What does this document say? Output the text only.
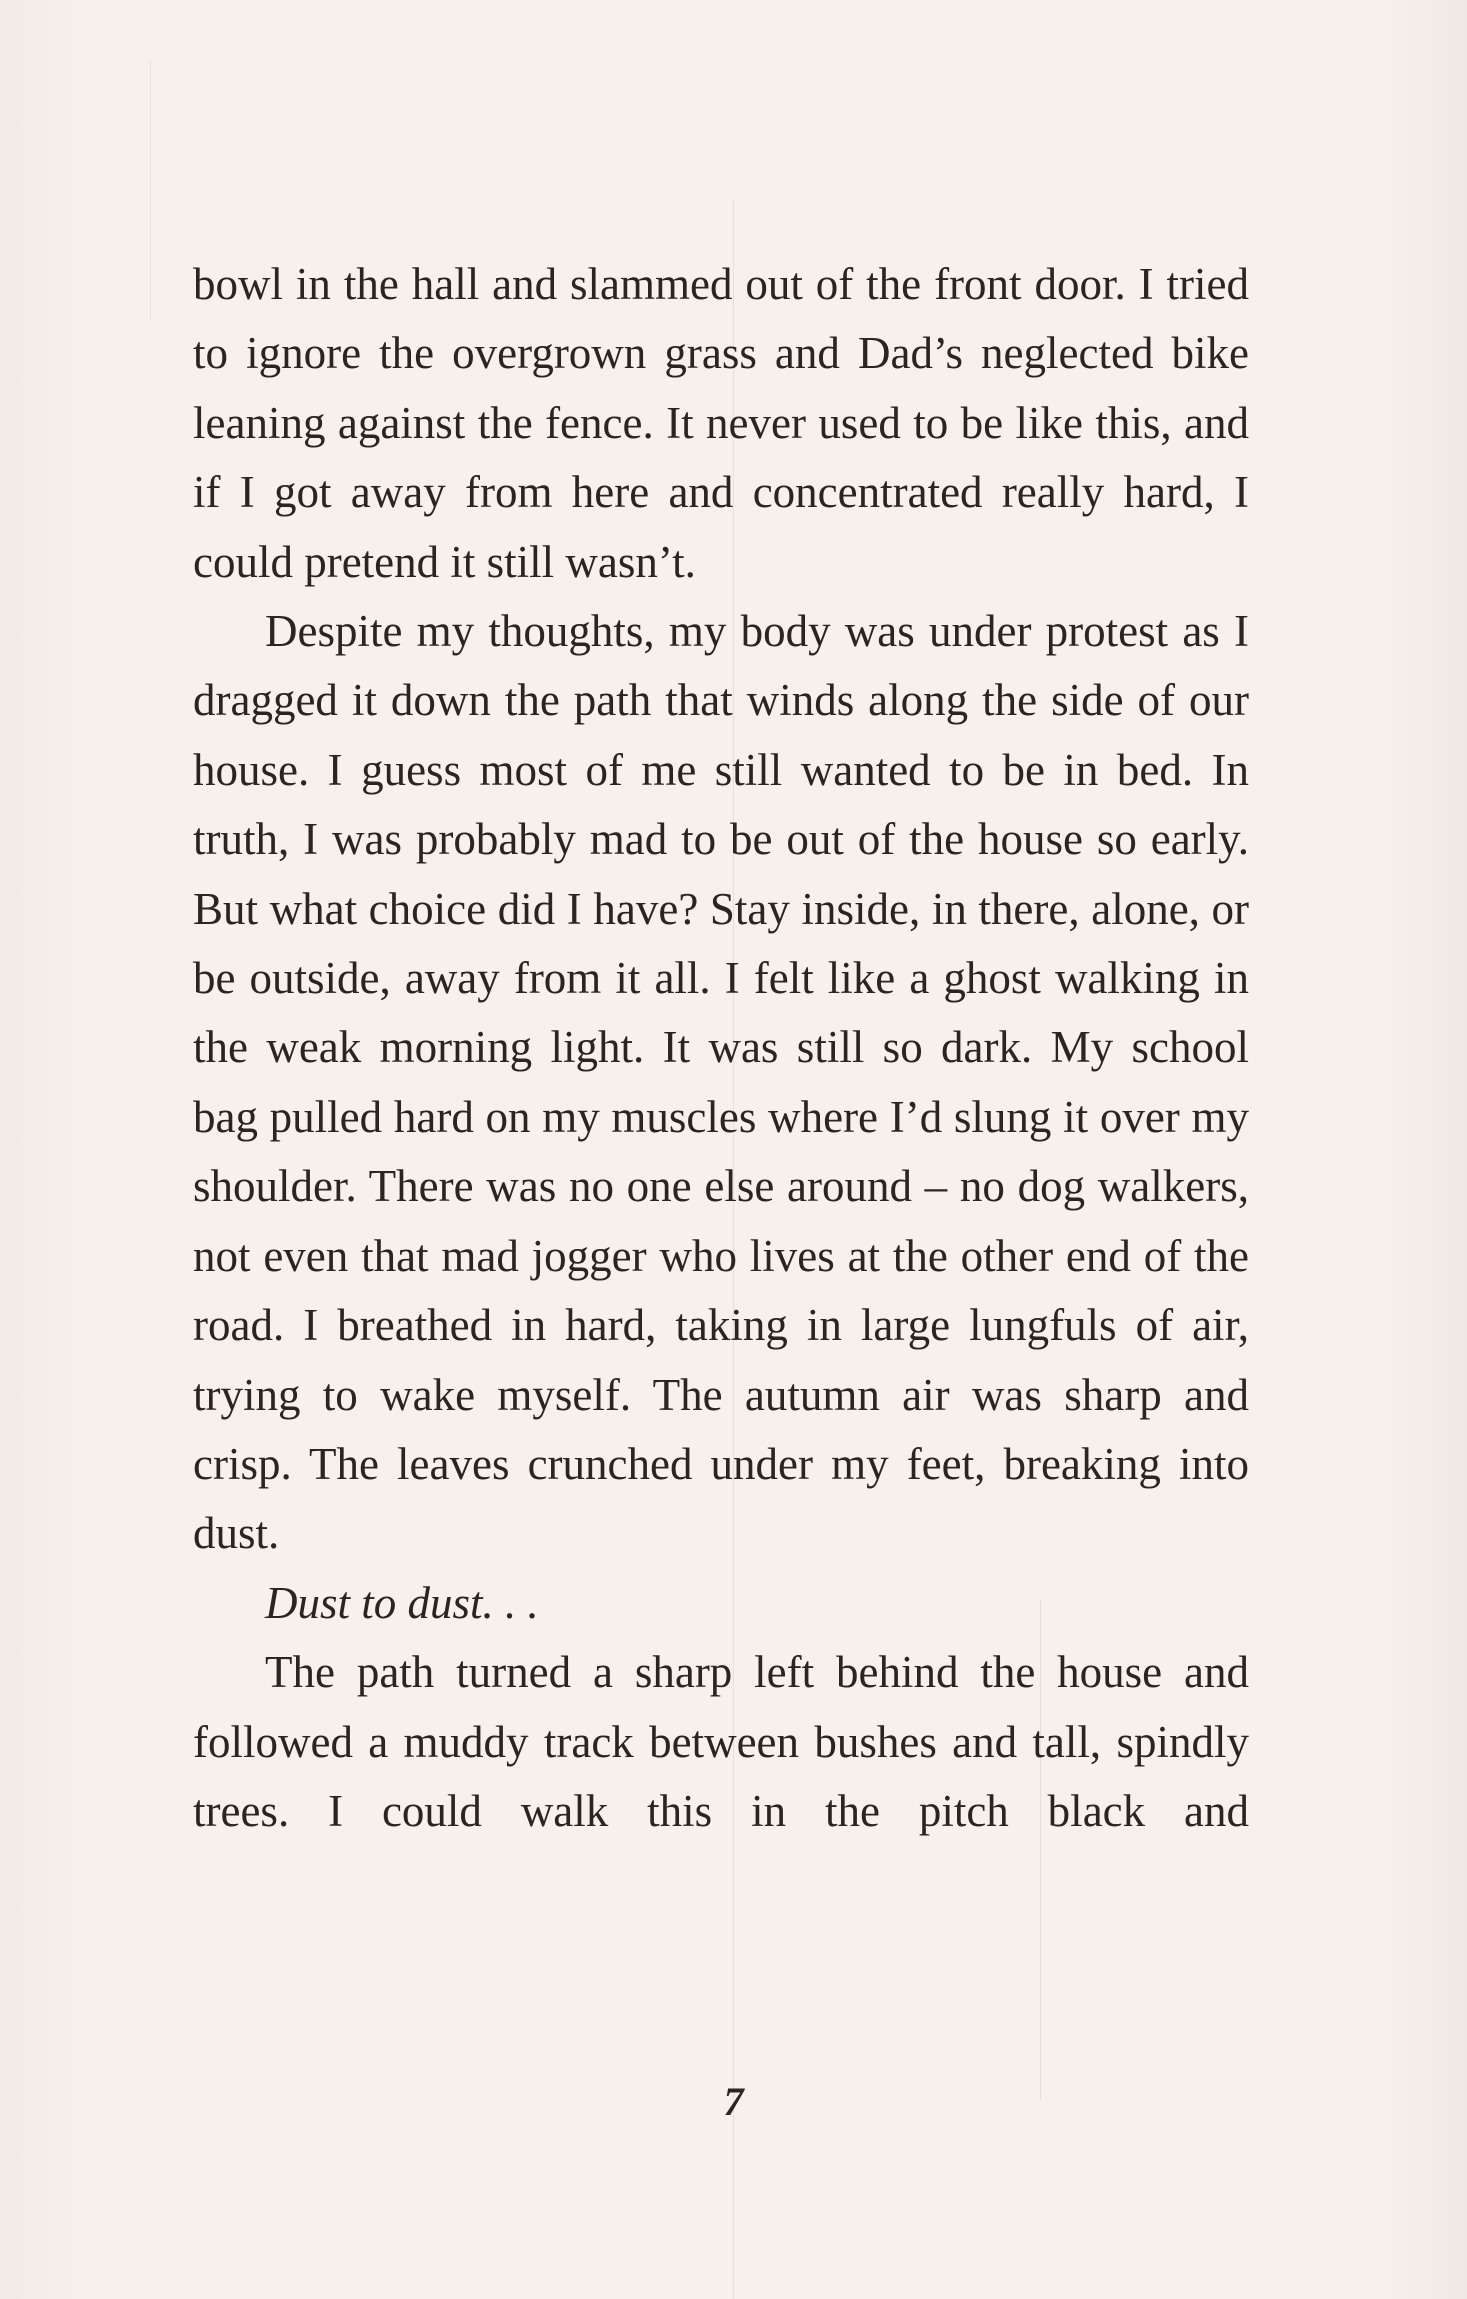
bowl in the hall and slammed out of the front door. I tried to ignore the overgrown grass and Dad’s neglected bike leaning against the fence. It never used to be like this, and if I got away from here and concentrated really hard, I could pretend it still wasn’t.

Despite my thoughts, my body was under protest as I dragged it down the path that winds along the side of our house. I guess most of me still wanted to be in bed. In truth, I was probably mad to be out of the house so early. But what choice did I have? Stay inside, in there, alone, or be outside, away from it all. I felt like a ghost walking in the weak morning light. It was still so dark. My school bag pulled hard on my muscles where I’d slung it over my shoulder. There was no one else around – no dog walkers, not even that mad jogger who lives at the other end of the road. I breathed in hard, taking in large lungfuls of air, trying to wake myself. The autumn air was sharp and crisp. The leaves crunched under my feet, breaking into dust.

Dust to dust. . .

The path turned a sharp left behind the house and followed a muddy track between bushes and tall, spindly trees. I could walk this in the pitch black and

7
